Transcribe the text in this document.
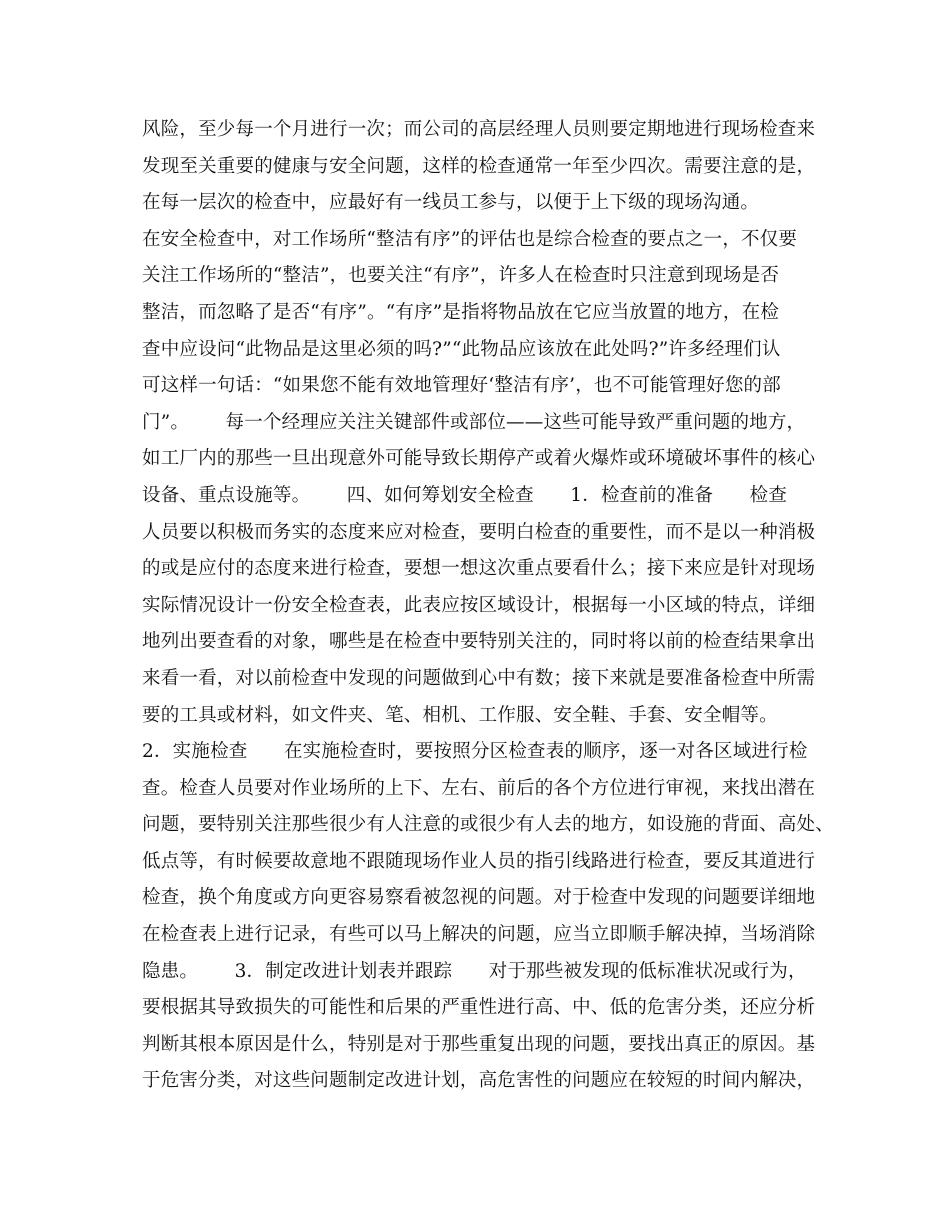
风险，至少每一个月进行一次；而公司的高层经理人员则要定期地进行现场检查来
发现至关重要的健康与安全问题，这样的检查通常一年至少四次。需要注意的是，
在每一层次的检查中，应最好有一线员工参与，以便于上下级的现场沟通。
在安全检查中，对工作场所“整洁有序”的评估也是综合检查的要点之一，不仅要
关注工作场所的“整洁”，也要关注“有序”，许多人在检查时只注意到现场是否
整洁，而忽略了是否“有序”。“有序”是指将物品放在它应当放置的地方，在检
查中应设问“此物品是这里必须的吗?”“此物品应该放在此处吗?”许多经理们认
可这样一句话：“如果您不能有效地管理好‘整洁有序’，也不可能管理好您的部
门”。      每一个经理应关注关键部件或部位——这些可能导致严重问题的地方，
如工厂内的那些一旦出现意外可能导致长期停产或着火爆炸或环境破坏事件的核心
设备、重点设施等。      四、如何筹划安全检查      1．检查前的准备      检查
人员要以积极而务实的态度来应对检查，要明白检查的重要性，而不是以一种消极
的或是应付的态度来进行检查，要想一想这次重点要看什么；接下来应是针对现场
实际情况设计一份安全检查表，此表应按区域设计，根据每一小区域的特点，详细
地列出要查看的对象，哪些是在检查中要特别关注的，同时将以前的检查结果拿出
来看一看，对以前检查中发现的问题做到心中有数；接下来就是要准备检查中所需
要的工具或材料，如文件夹、笔、相机、工作服、安全鞋、手套、安全帽等。
2．实施检查      在实施检查时，要按照分区检查表的顺序，逐一对各区域进行检
查。检查人员要对作业场所的上下、左右、前后的各个方位进行审视，来找出潜在
问题，要特别关注那些很少有人注意的或很少有人去的地方，如设施的背面、高处、
低点等，有时候要故意地不跟随现场作业人员的指引线路进行检查，要反其道进行
检查，换个角度或方向更容易察看被忽视的问题。对于检查中发现的问题要详细地
在检查表上进行记录，有些可以马上解决的问题，应当立即顺手解决掉，当场消除
隐患。      3．制定改进计划表并跟踪      对于那些被发现的低标准状况或行为，
要根据其导致损失的可能性和后果的严重性进行高、中、低的危害分类，还应分析
判断其根本原因是什么，特别是对于那些重复出现的问题，要找出真正的原因。基
于危害分类，对这些问题制定改进计划，高危害性的问题应在较短的时间内解决，
